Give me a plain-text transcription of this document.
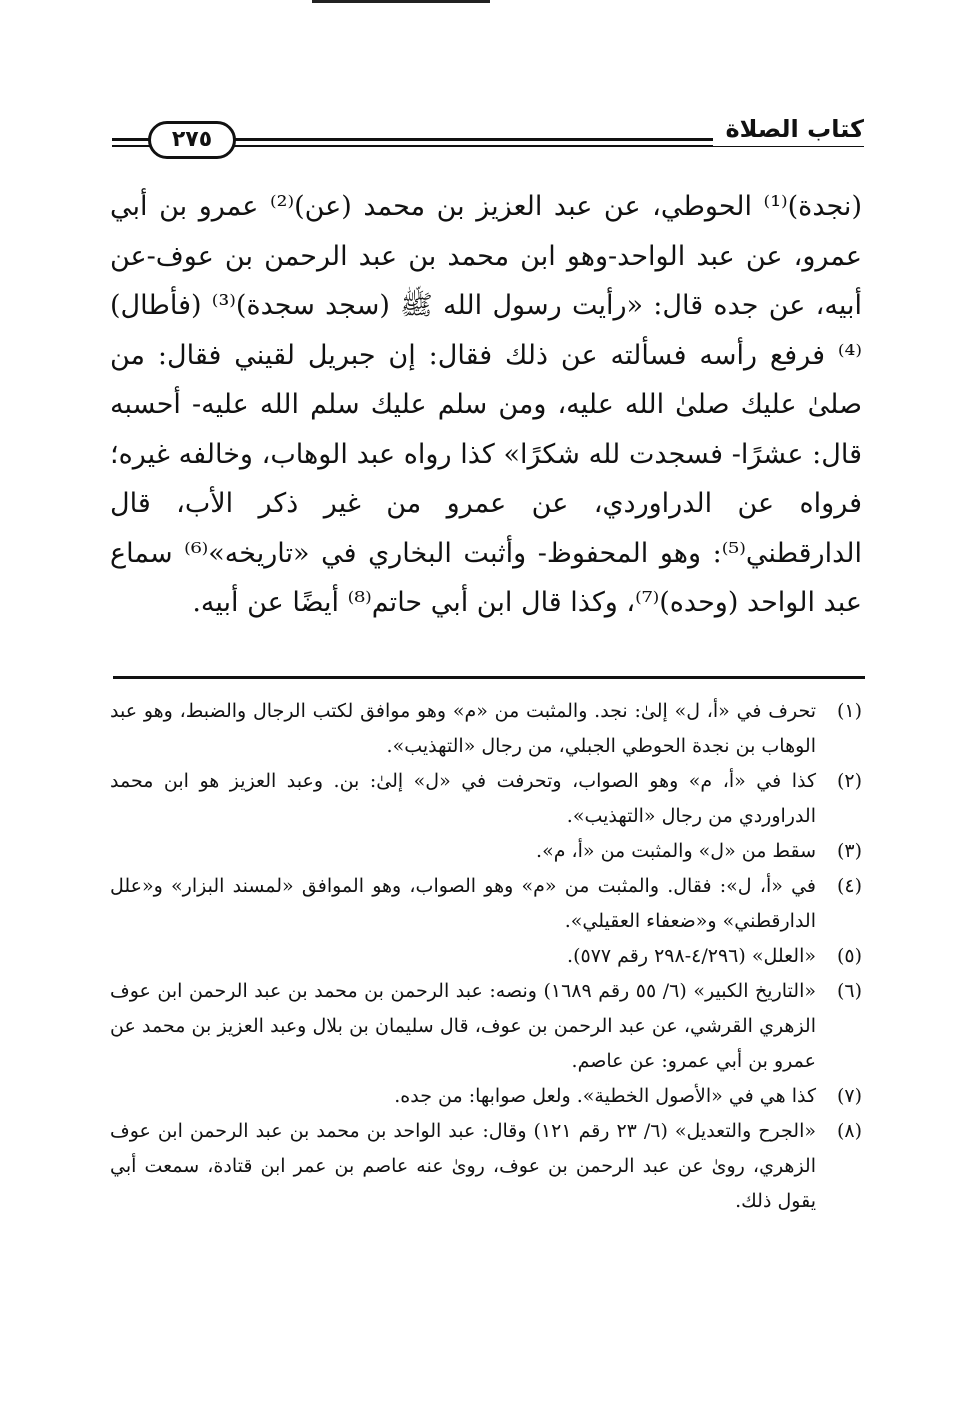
كتاب الصلاة
٢٧٥

(نجدة)⁽¹⁾ الحوطي، عن عبد العزيز بن محمد (عن)⁽²⁾ عمرو بن أبي عمرو، عن عبد الواحد-وهو ابن محمد بن عبد الرحمن بن عوف-عن أبيه، عن جده قال: «رأيت رسول الله ﷺ (سجد سجدة)⁽³⁾ (فأطال)⁽⁴⁾ فرفع رأسه فسألته عن ذلك فقال: إن جبريل لقيني فقال: من صلىٰ عليك صلىٰ الله عليه، ومن سلم عليك سلم الله عليه- أحسبه قال: عشرًا- فسجدت لله شكرًا» كذا رواه عبد الوهاب، وخالفه غيره؛ فرواه عن الدراوردي، عن عمرو من غير ذكر الأب، قال الدارقطني⁽⁵⁾: وهو المحفوظ- وأثبت البخاري في «تاريخه»⁽⁶⁾ سماع عبد الواحد (وحده)⁽⁷⁾، وكذا قال ابن أبي حاتم⁽⁸⁾ أيضًا عن أبيه.

(١)
تحرف في «أ، ل» إلىٰ: نجد. والمثبت من «م» وهو موافق لكتب الرجال والضبط، وهو عبد الوهاب بن نجدة الحوطي الجبلي، من رجال «التهذيب».
(٢)
كذا في «أ، م» وهو الصواب، وتحرفت في «ل» إلىٰ: بن. وعبد العزيز هو ابن محمد الدراوردي من رجال «التهذيب».
(٣)
سقط من «ل» والمثبت من «أ، م».
(٤)
في «أ، ل»: فقال. والمثبت من «م» وهو الصواب، وهو الموافق «لمسند البزار» و«علل الدارقطني» و«ضعفاء العقيلي».
(٥)
«العلل» (٤/٢٩٦-٢٩٨ رقم ٥٧٧).
(٦)
«التاريخ الكبير» (٦/ ٥٥ رقم ١٦٨٩) ونصه: عبد الرحمن بن محمد بن عبد الرحمن ابن عوف الزهري القرشي، عن عبد الرحمن بن عوف، قال سليمان بن بلال وعبد العزيز بن محمد عن عمرو بن أبي عمرو: عن عاصم.
(٧)
كذا هي في «الأصول الخطية». ولعل صوابها: من جده.
(٨)
«الجرح والتعديل» (٦/ ٢٣ رقم ١٢١) وقال: عبد الواحد بن محمد بن عبد الرحمن ابن عوف الزهري، روىٰ عن عبد الرحمن بن عوف، روىٰ عنه عاصم بن عمر ابن قتادة، سمعت أبي يقول ذلك.
